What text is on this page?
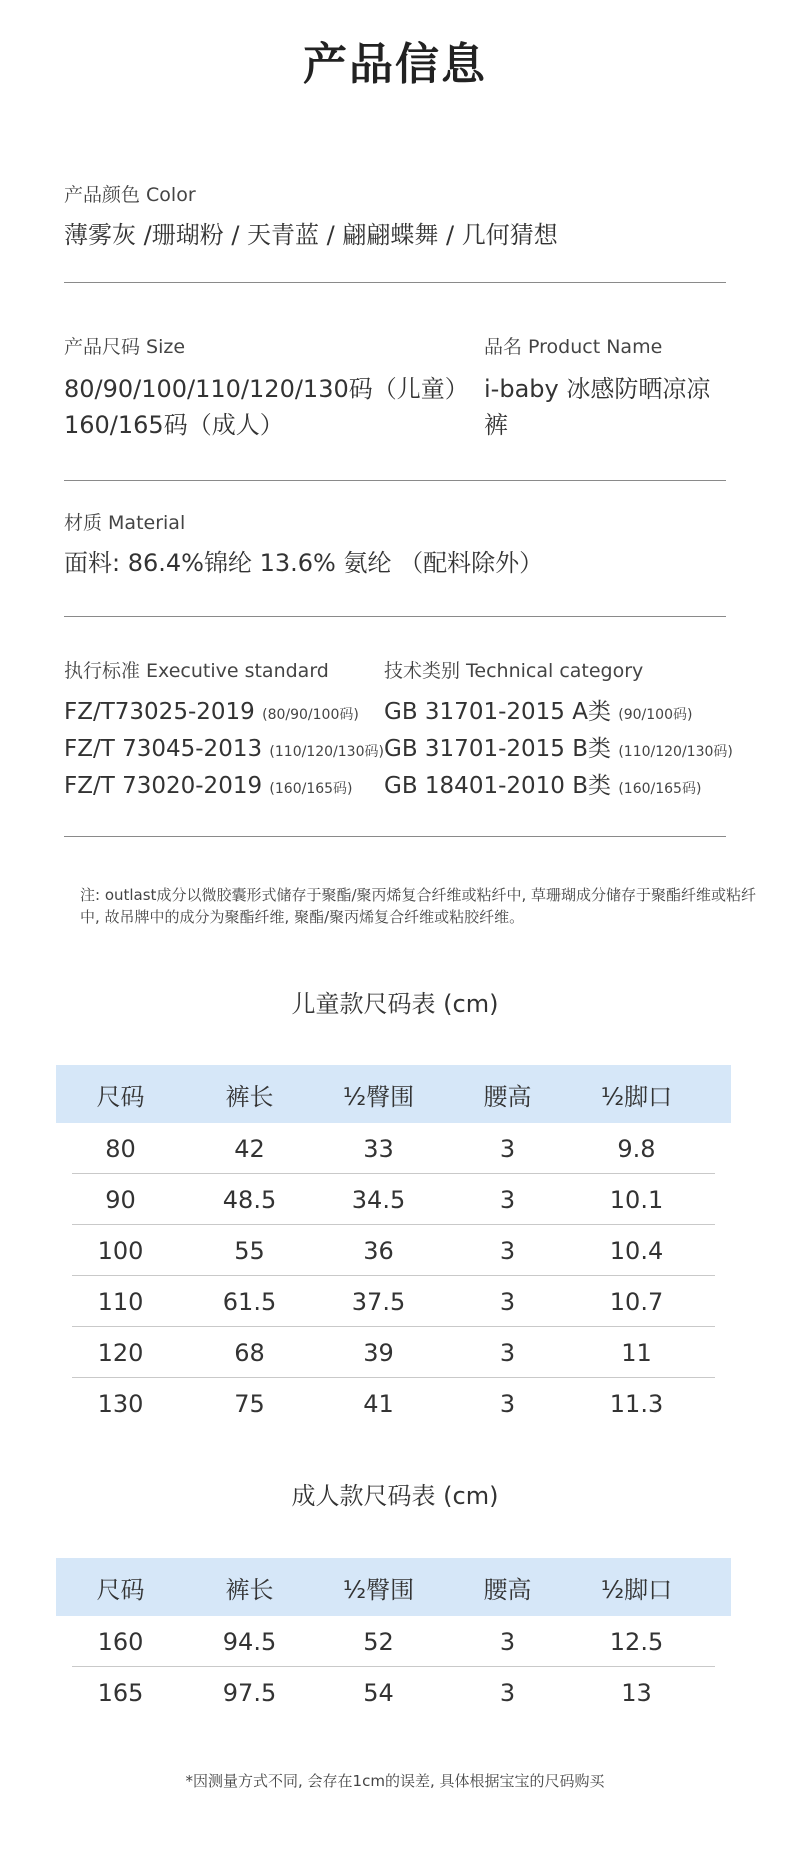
产品信息
产品颜色 Color
薄雾灰 /珊瑚粉 / 天青蓝 / 翩翩蝶舞 / 几何猜想
产品尺码 Size
80/90/100/110/120/130码（儿童）
160/165码（成人）
品名 Product Name
i-baby 冰感防晒凉凉裤
材质 Material
面料: 86.4%锦纶 13.6% 氨纶 （配料除外）
执行标准 Executive standard
FZ/T73025-2019 (80/90/100码)
FZ/T 73045-2013 (110/120/130码)
FZ/T 73020-2019 (160/165码)
技术类别 Technical category
GB 31701-2015 A类 (90/100码)
GB 31701-2015 B类 (110/120/130码)
GB 18401-2010 B类 (160/165码)
注: outlast成分以微胶囊形式储存于聚酯/聚丙烯复合纤维或粘纤中, 草珊瑚成分储存于聚酯纤维或粘纤中, 故吊牌中的成分为聚酯纤维, 聚酯/聚丙烯复合纤维或粘胶纤维。
儿童款尺码表 (cm)
尺码	裤长	½臀围	腰高	½脚口
80	42	33	3	9.8
90	48.5	34.5	3	10.1
100	55	36	3	10.4
110	61.5	37.5	3	10.7
120	68	39	3	11
130	75	41	3	11.3
成人款尺码表 (cm)
尺码	裤长	½臀围	腰高	½脚口
160	94.5	52	3	12.5
165	97.5	54	3	13
*因测量方式不同, 会存在1cm的误差, 具体根据宝宝的尺码购买
